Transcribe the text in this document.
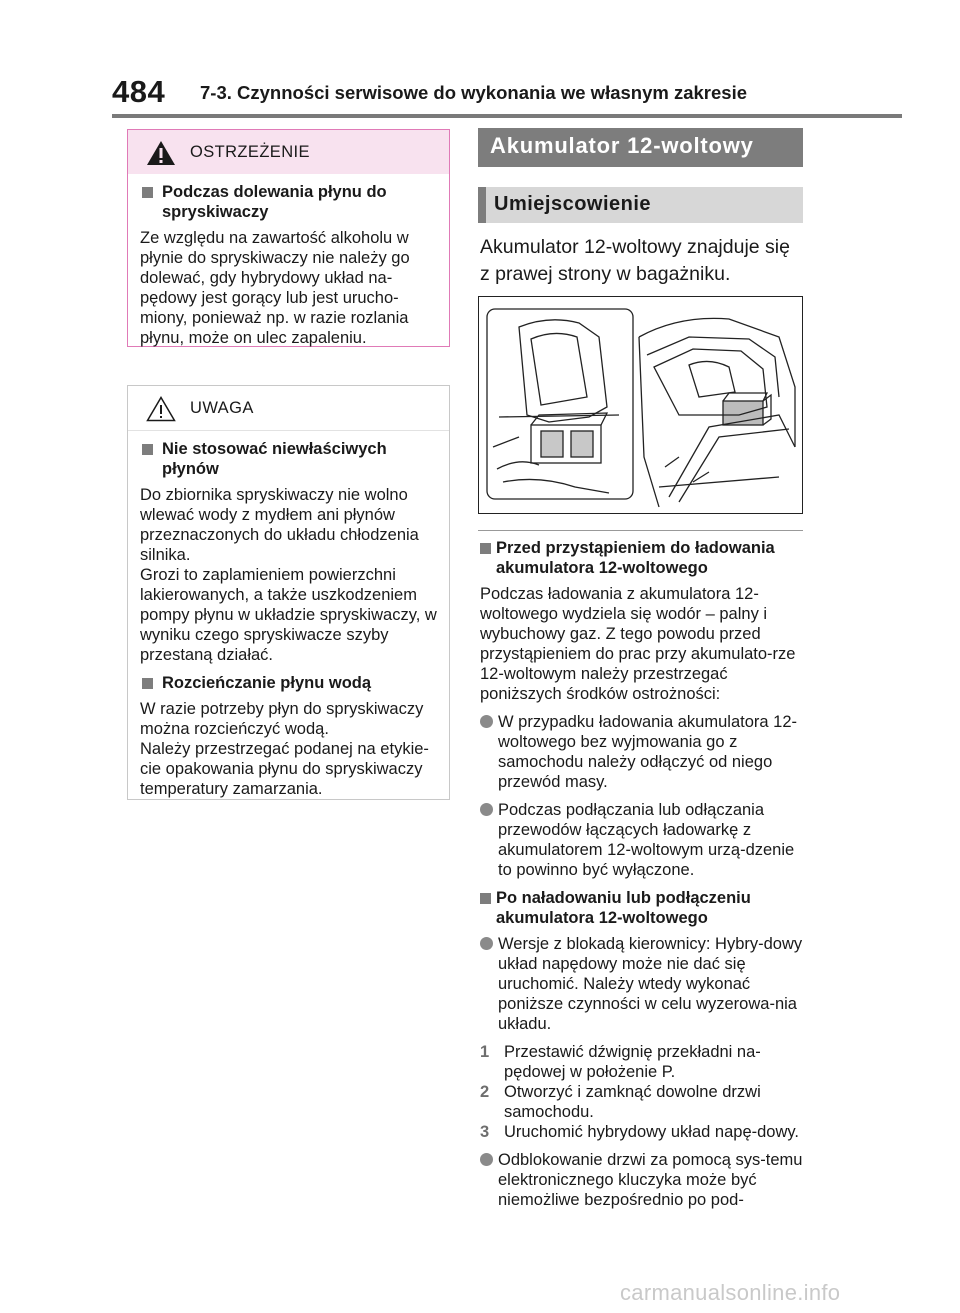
484 7-3. Czynności serwisowe do wykonania we własnym zakresie
OSTRZEŻENIE
Podczas dolewania płynu do spryskiwaczy
Ze względu na zawartość alkoholu w płynie do spryskiwaczy nie należy go dolewać, gdy hybrydowy układ na-pędowy jest gorący lub jest urucho-miony, ponieważ np. w razie rozlania płynu, może on ulec zapaleniu.
UWAGA
Nie stosować niewłaściwych płynów
Do zbiornika spryskiwaczy nie wolno wlewać wody z mydłem ani płynów przeznaczonych do układu chłodzenia silnika.
Grozi to zaplamieniem powierzchni lakierowanych, a także uszkodzeniem pompy płynu w układzie spryskiwaczy, w wyniku czego spryskiwacze szyby przestaną działać.
Rozcieńczanie płynu wodą
W razie potrzeby płyn do spryskiwaczy można rozcieńczyć wodą.
Należy przestrzegać podanej na etykie-cie opakowania płynu do spryskiwaczy temperatury zamarzania.
Akumulator 12-woltowy
Umiejscowienie
Akumulator 12-woltowy znajduje się z prawej strony w bagażniku.
Przed przystąpieniem do ładowania akumulatora 12-woltowego
Podczas ładowania z akumulatora 12-woltowego wydziela się wodór – palny i wybuchowy gaz. Z tego powodu przed przystąpieniem do prac przy akumulato-rze 12-woltowym należy przestrzegać poniższych środków ostrożności:
W przypadku ładowania akumulatora 12-woltowego bez wyjmowania go z samochodu należy odłączyć od niego przewód masy.
Podczas podłączania lub odłączania przewodów łączących ładowarkę z akumulatorem 12-woltowym urzą-dzenie to powinno być wyłączone.
Po naładowaniu lub podłączeniu akumulatora 12-woltowego
Wersje z blokadą kierownicy: Hybry-dowy układ napędowy może nie dać się uruchomić. Należy wtedy wykonać poniższe czynności w celu wyzerowa-nia układu.
1 Przestawić dźwignię przekładni na-pędowej w położenie P.
2 Otworzyć i zamknąć dowolne drzwi samochodu.
3 Uruchomić hybrydowy układ napę-dowy.
Odblokowanie drzwi za pomocą sys-temu elektronicznego kluczyka może być niemożliwe bezpośrednio po pod-
carmanualsonline.info
